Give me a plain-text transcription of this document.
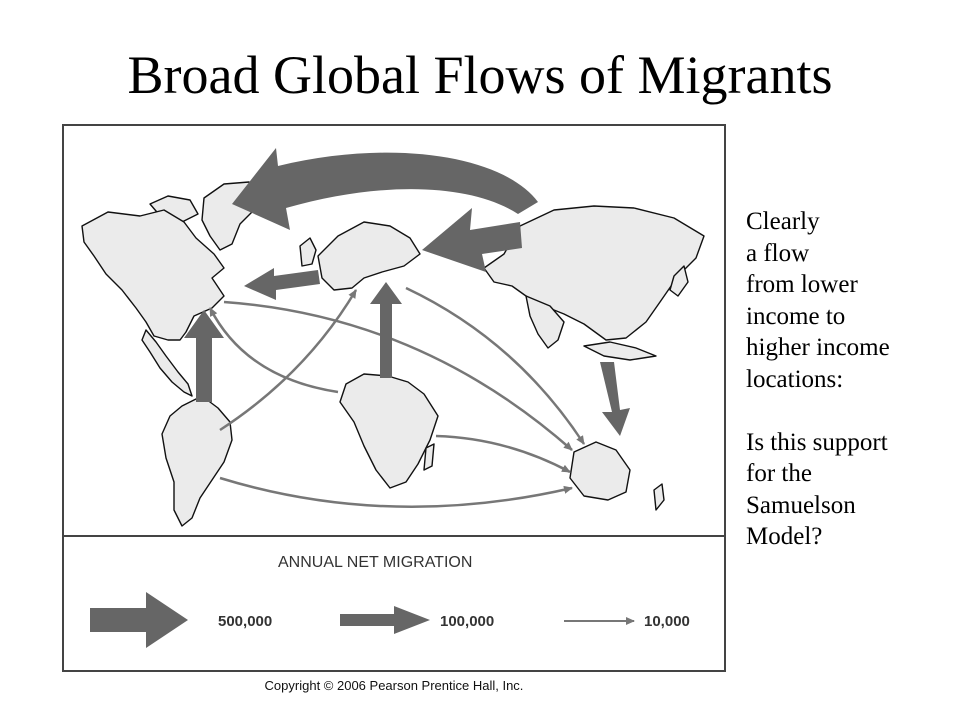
Broad Global Flows of Migrants
ANNUAL NET MIGRATION
500,000	100,000	10,000

Clearly

a flow

from lower

income to

higher income

locations:

Is this support

for the

Samuelson

Model?

Copyright © 2006 Pearson Prentice Hall, Inc.
